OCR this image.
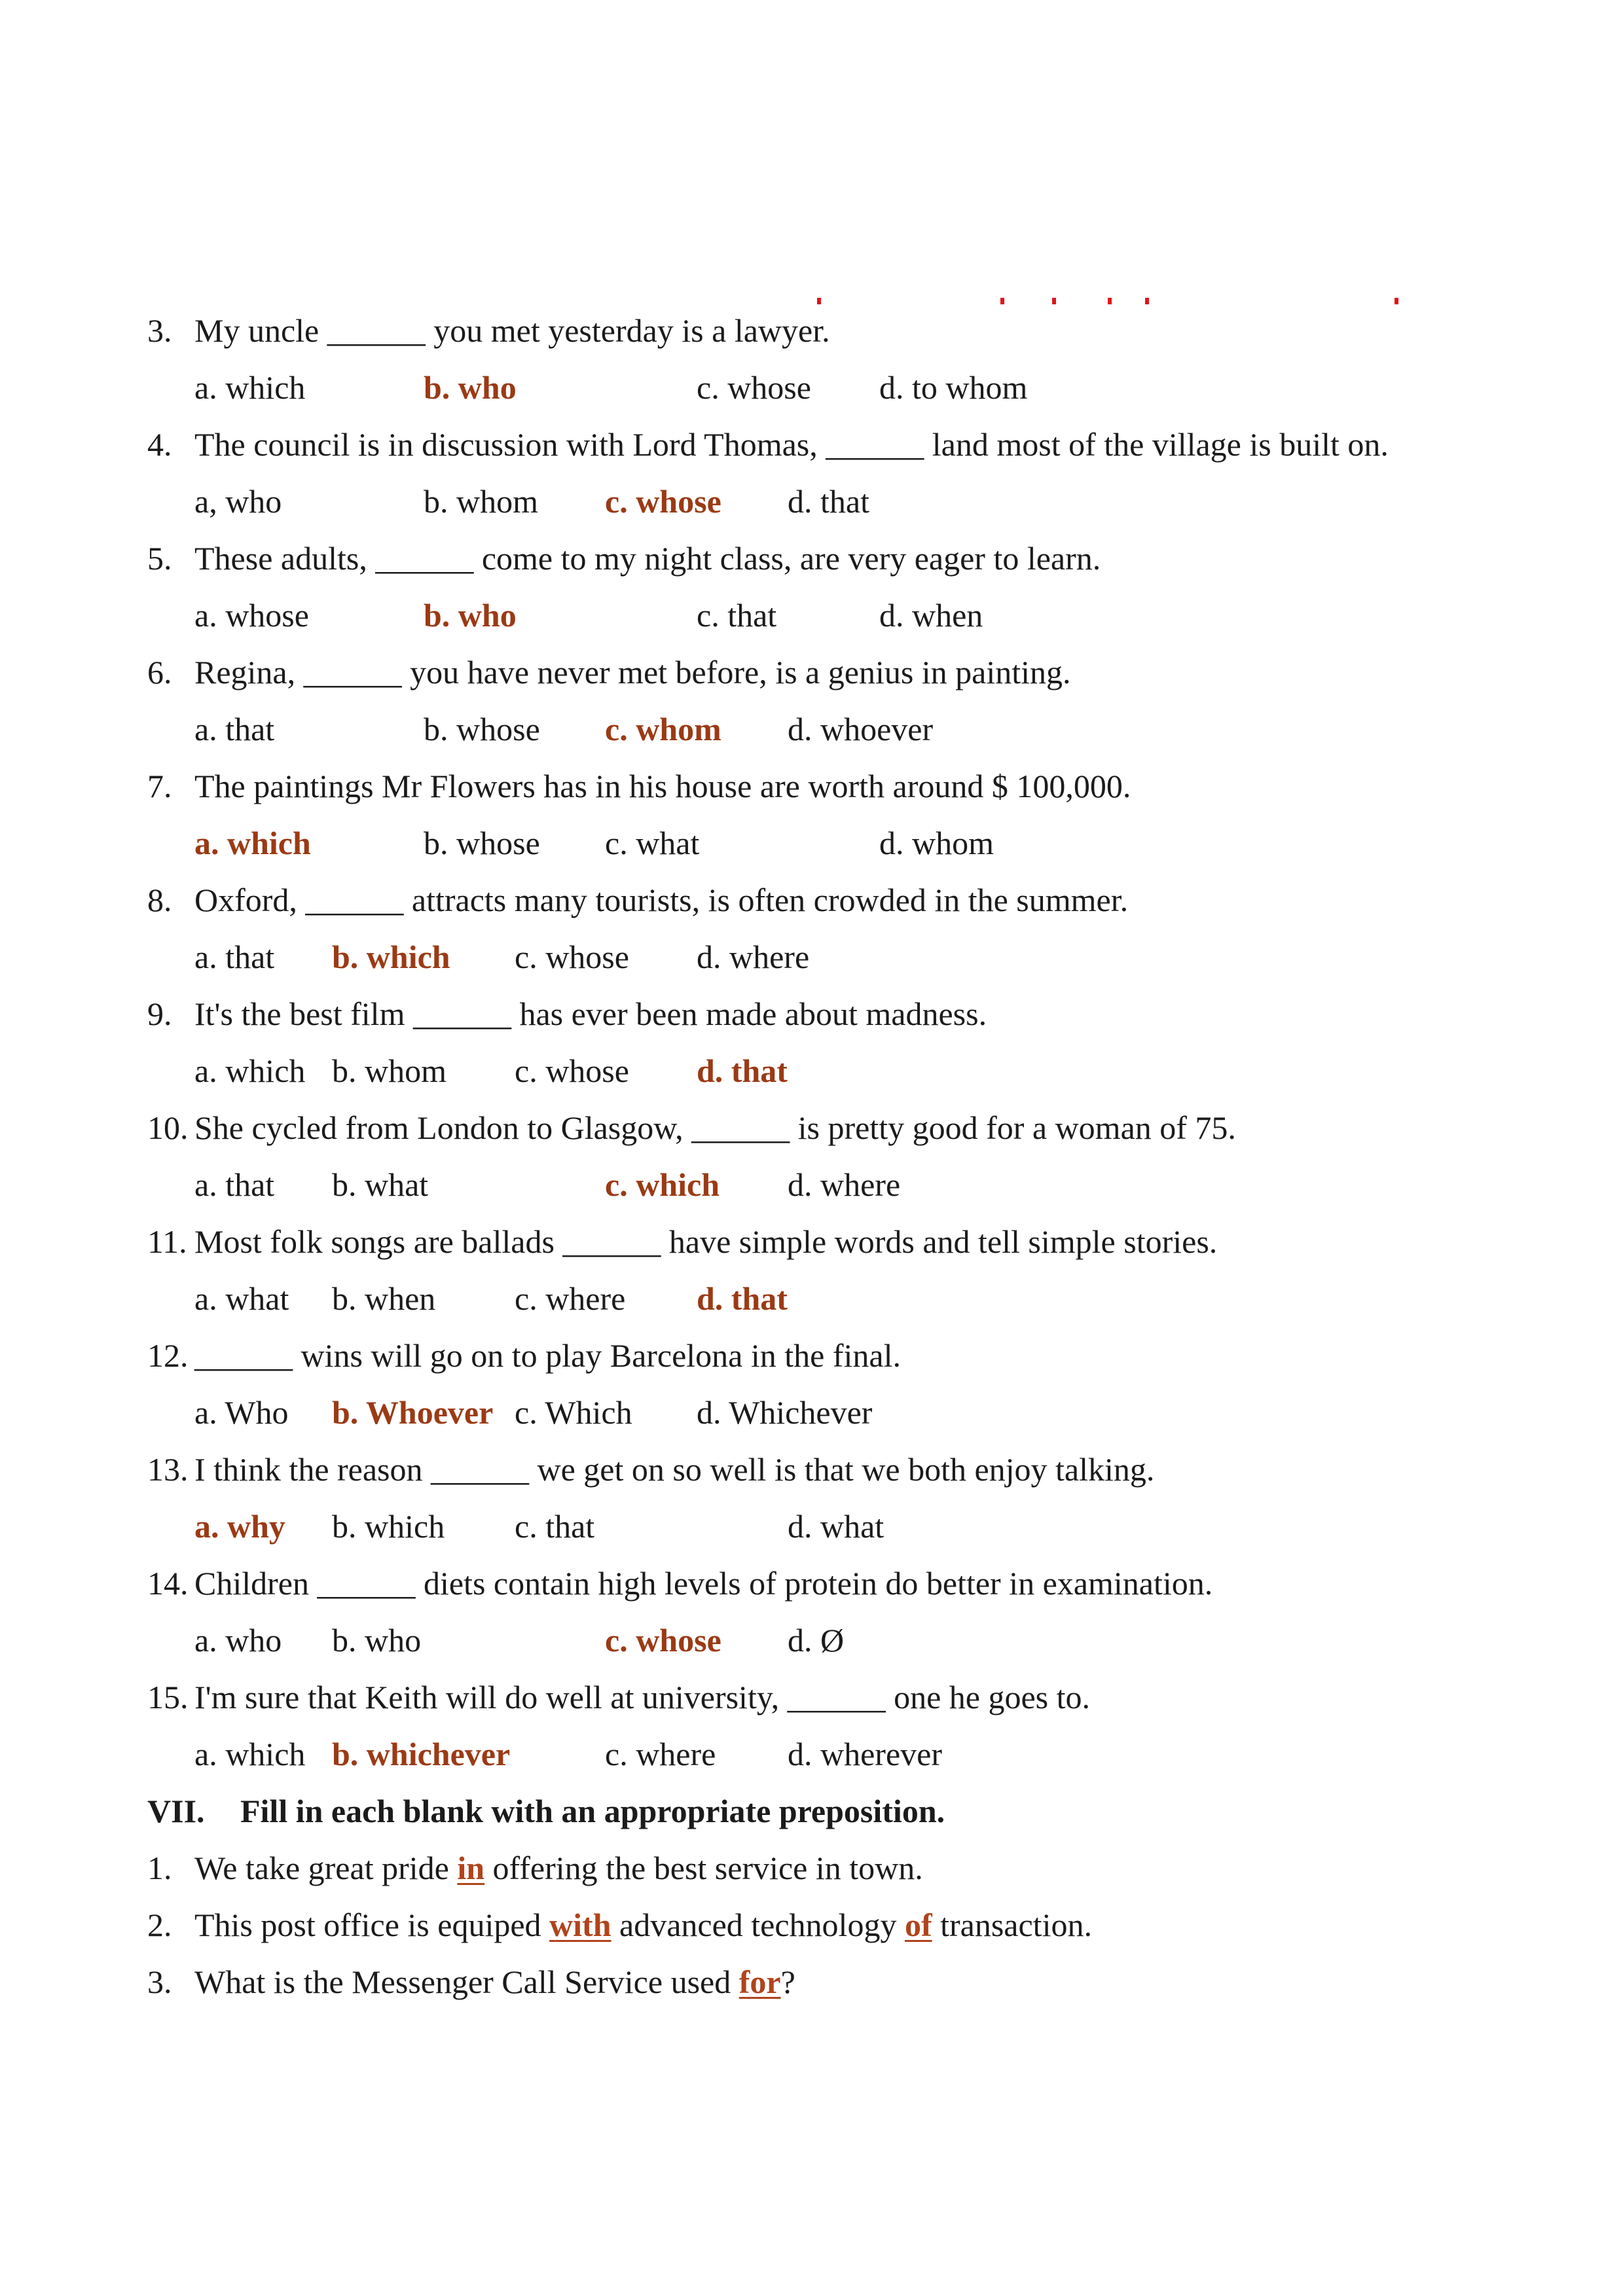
3. My uncle ______ you met yesterday is a lawyer.
a. which	b. who	c. whose d. to whom
4. The council is in discussion with Lord Thomas, ______ land most of the village is built on.
a, who	b. whom c. whose d. that
5. These adults, ______ come to my night class, are very eager to learn.
a. whose	b. who	c. that	d. when
6. Regina, ______ you have never met before, is a genius in painting.
a. that	b. whose c. whom d. whoever
7. The paintings Mr Flowers has in his house are worth around $ 100,000.
a. which	b. whose c. what	d. whom
8. Oxford, ______ attracts many tourists, is often crowded in the summer.
a. that b. which c. whose d. where
9. It's the best film ______ has ever been made about madness.
a. which b. whom c. whose d. that
10. She cycled from London to Glasgow, ______ is pretty good for a woman of 75.
a. that b. what	c. which d. where
11. Most folk songs are ballads ______ have simple words and tell simple stories.
a. what b. when c. where d. that
12. ______ wins will go on to play Barcelona in the final.
a. Who b. Whoever c. Which d. Whichever
13. I think the reason ______ we get on so well is that we both enjoy talking.
a. why b. which c. that	d. what
14. Children ______ diets contain high levels of protein do better in examination.
a. who b. who	c. whose d. Ø
15. I'm sure that Keith will do well at university, ______ one he goes to.
a. which b. whichever	c. where d. wherever
VII. Fill in each blank with an appropriate preposition.
1. We take great pride in offering the best service in town.
2. This post office is equiped with advanced technology of transaction.
3. What is the Messenger Call Service used for?
